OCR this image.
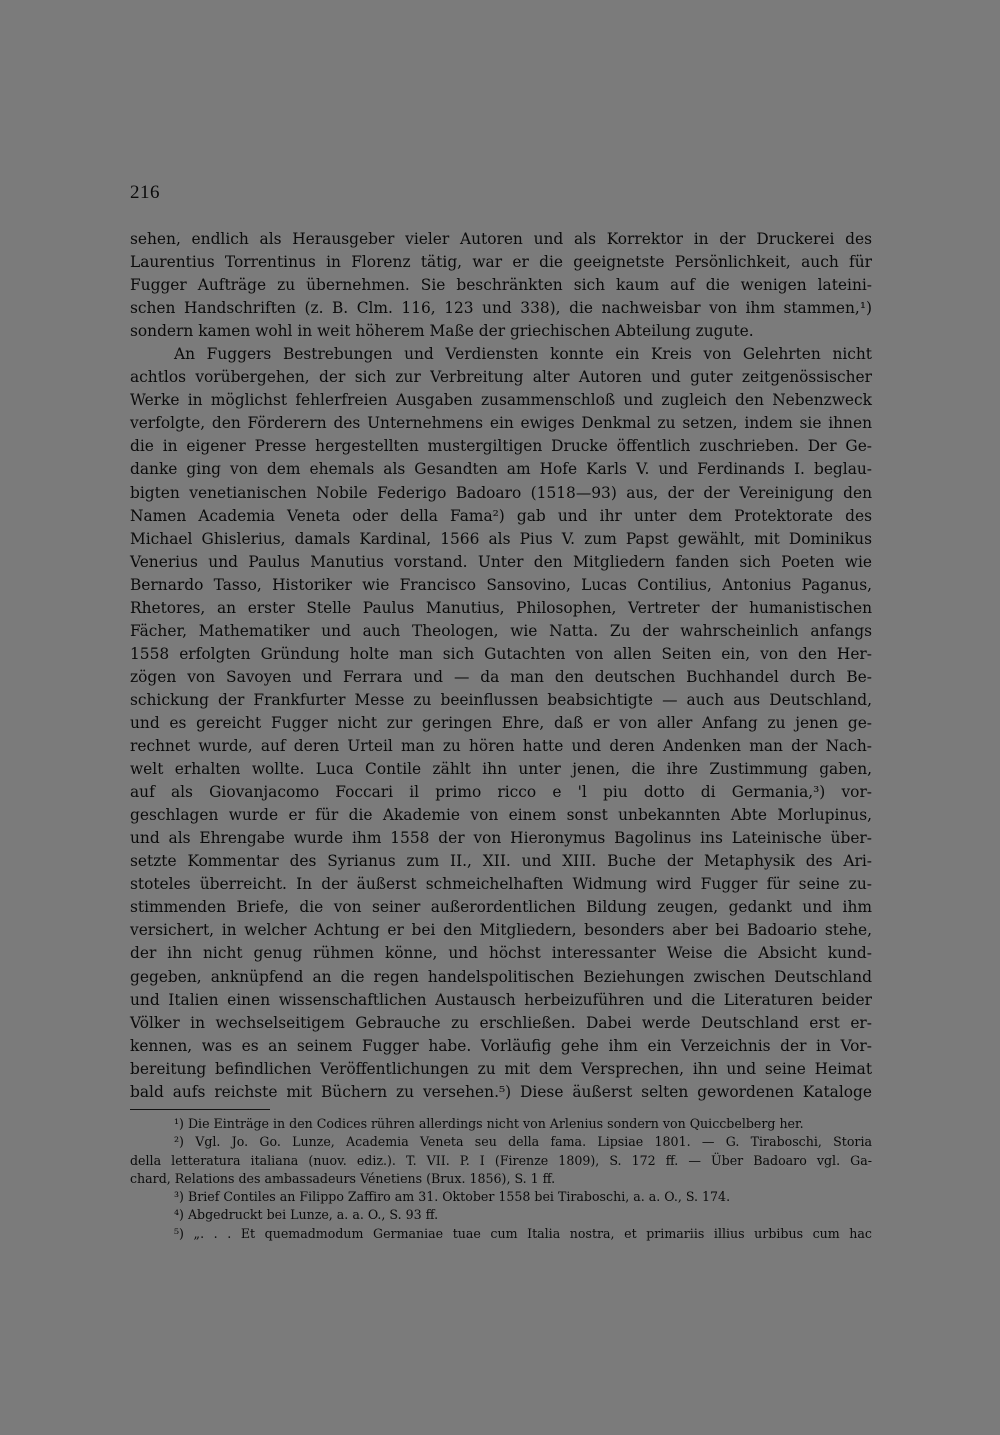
216
sehen, endlich als Herausgeber vieler Autoren und als Korrektor in der Druckerei des
Laurentius Torrentinus in Florenz tätig, war er die geeignetste Persönlichkeit, auch für
Fugger Aufträge zu übernehmen. Sie beschränkten sich kaum auf die wenigen lateini-
schen Handschriften (z. B. Clm. 116, 123 und 338), die nachweisbar von ihm stammen,¹)
sondern kamen wohl in weit höherem Maße der griechischen Abteilung zugute.
An Fuggers Bestrebungen und Verdiensten konnte ein Kreis von Gelehrten nicht
achtlos vorübergehen, der sich zur Verbreitung alter Autoren und guter zeitgenössischer
Werke in möglichst fehlerfreien Ausgaben zusammenschloß und zugleich den Nebenzweck
verfolgte, den Förderern des Unternehmens ein ewiges Denkmal zu setzen, indem sie ihnen
die in eigener Presse hergestellten mustergiltigen Drucke öffentlich zuschrieben. Der Ge-
danke ging von dem ehemals als Gesandten am Hofe Karls V. und Ferdinands I. beglau-
bigten venetianischen Nobile Federigo Badoaro (1518—93) aus, der der Vereinigung den
Namen Academia Veneta oder della Fama²) gab und ihr unter dem Protektorate des
Michael Ghislerius, damals Kardinal, 1566 als Pius V. zum Papst gewählt, mit Dominikus
Venerius und Paulus Manutius vorstand. Unter den Mitgliedern fanden sich Poeten wie
Bernardo Tasso, Historiker wie Francisco Sansovino, Lucas Contilius, Antonius Paganus,
Rhetores, an erster Stelle Paulus Manutius, Philosophen, Vertreter der humanistischen
Fächer, Mathematiker und auch Theologen, wie Natta. Zu der wahrscheinlich anfangs
1558 erfolgten Gründung holte man sich Gutachten von allen Seiten ein, von den Her-
zögen von Savoyen und Ferrara und — da man den deutschen Buchhandel durch Be-
schickung der Frankfurter Messe zu beeinflussen beabsichtigte — auch aus Deutschland,
und es gereicht Fugger nicht zur geringen Ehre, daß er von aller Anfang zu jenen ge-
rechnet wurde, auf deren Urteil man zu hören hatte und deren Andenken man der Nach-
welt erhalten wollte. Luca Contile zählt ihn unter jenen, die ihre Zustimmung gaben,
auf als Giovanjacomo Foccari il primo ricco e 'l piu dotto di Germania,³) vor-
geschlagen wurde er für die Akademie von einem sonst unbekannten Abte Morlupinus,
und als Ehrengabe wurde ihm 1558 der von Hieronymus Bagolinus ins Lateinische über-
setzte Kommentar des Syrianus zum II., XII. und XIII. Buche der Metaphysik des Ari-
stoteles überreicht. In der äußerst schmeichelhaften Widmung wird Fugger für seine zu-
stimmenden Briefe, die von seiner außerordentlichen Bildung zeugen, gedankt und ihm
versichert, in welcher Achtung er bei den Mitgliedern, besonders aber bei Badoario stehe,
der ihn nicht genug rühmen könne, und höchst interessanter Weise die Absicht kund-
gegeben, anknüpfend an die regen handelspolitischen Beziehungen zwischen Deutschland
und Italien einen wissenschaftlichen Austausch herbeizuführen und die Literaturen beider
Völker in wechselseitigem Gebrauche zu erschließen. Dabei werde Deutschland erst er-
kennen, was es an seinem Fugger habe. Vorläufig gehe ihm ein Verzeichnis der in Vor-
bereitung befindlichen Veröffentlichungen zu mit dem Versprechen, ihn und seine Heimat
bald aufs reichste mit Büchern zu versehen.⁵) Diese äußerst selten gewordenen Kataloge
¹) Die Einträge in den Codices rühren allerdings nicht von Arlenius sondern von Quiccbelberg her.
²) Vgl. Jo. Go. Lunze, Academia Veneta seu della fama. Lipsiae 1801. — G. Tiraboschi, Storia
della letteratura italiana (nuov. ediz.). T. VII. P. I (Firenze 1809), S. 172 ff. — Über Badoaro vgl. Ga-
chard, Relations des ambassadeurs Vénetiens (Brux. 1856), S. 1 ff.
³) Brief Contiles an Filippo Zaffiro am 31. Oktober 1558 bei Tiraboschi, a. a. O., S. 174.
⁴) Abgedruckt bei Lunze, a. a. O., S. 93 ff.
⁵) „. . . Et quemadmodum Germaniae tuae cum Italia nostra, et primariis illius urbibus cum hac
